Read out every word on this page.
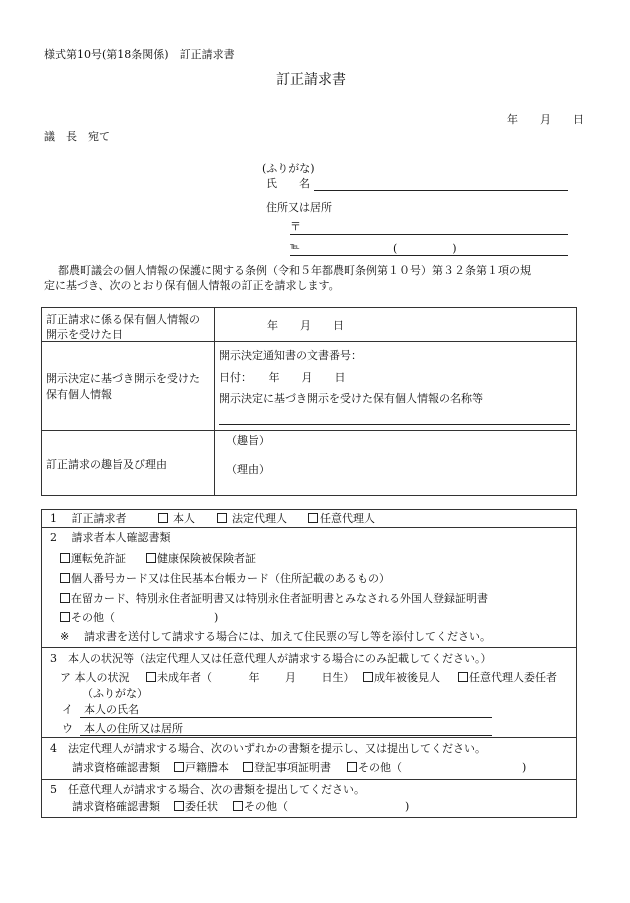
様式第10号(第18条関係)　訂正請求書
訂正請求書
年　　月　　日
議　長　宛て
(ふりがな)
氏　　名
住所又は居所
〒
℡	(　　　　　)
都農町議会の個人情報の保護に関する条例（令和５年都農町条例第１０号）第３２条第１項の規
定に基づき、次のとおり保有個人情報の訂正を請求します。
訂正請求に係る保有個人情報の開示を受けた日
年　　月　　日
開示決定に基づき開示を受けた保有個人情報
開示決定通知書の文書番号：
日付：　　年　　月　　日
開示決定に基づき開示を受けた保有個人情報の名称等
訂正請求の趣旨及び理由
（趣旨）
（理由）
1　 訂正請求者	本人	法定代理人	任意代理人
2　 請求者本人確認書類
運転免許証	健康保険被保険者証
個人番号カード又は住民基本台帳カード（住所記載のあるもの）
在留カード、特別永住者証明書又は特別永住者証明書とみなされる外国人登録証明書
その他（	)
※ 請求書を送付して請求する場合には、加えて住民票の写し等を添付してください。
3　本人の状況等（法定代理人又は任意代理人が請求する場合にのみ記載してください。）
ア 本人の状況	未成年者（　　　 年　　 月　　 日生）	成年被後見人	任意代理人委任者
（ふりがな）
イ　本人の氏名
ウ　本人の住所又は居所
4　法定代理人が請求する場合、次のいずれかの書類を提示し、又は提出してください。
請求資格確認書類	戸籍謄本	登記事項証明書	その他（	)
5　任意代理人が請求する場合、次の書類を提出してください。
請求資格確認書類	委任状	その他（	)
